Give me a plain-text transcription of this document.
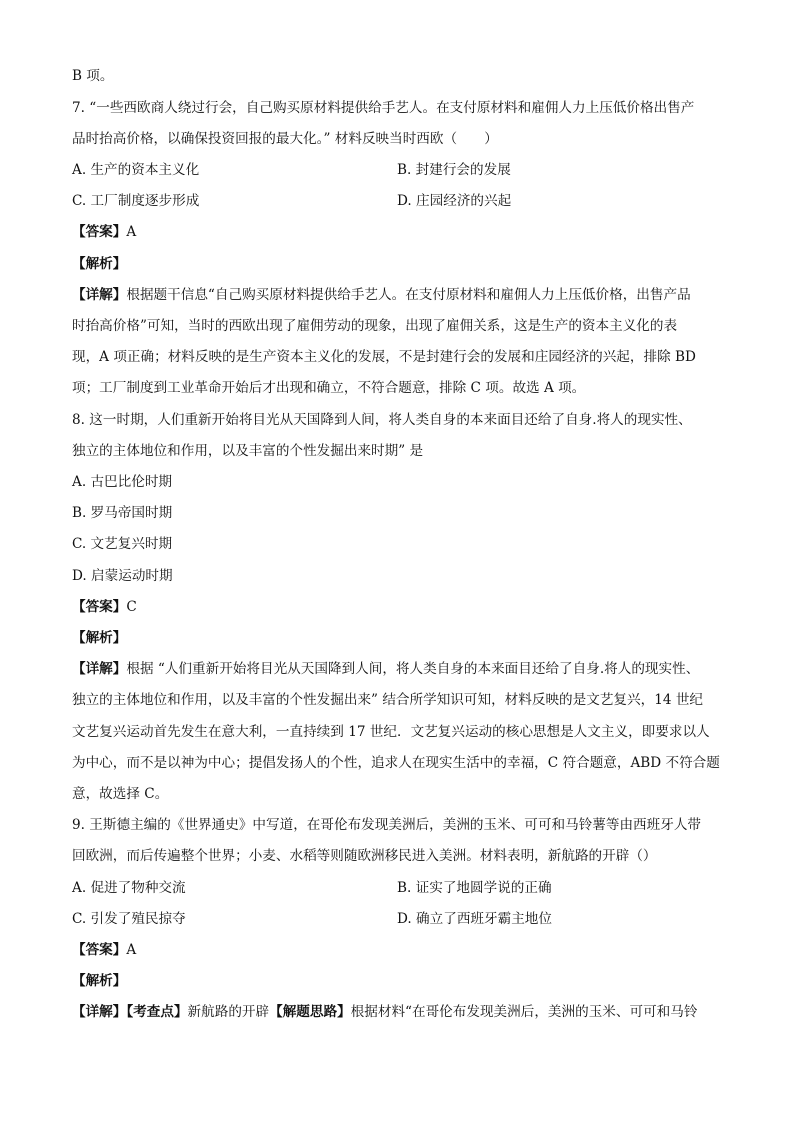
B 项。
7. “一些西欧商人绕过行会，自己购买原材料提供给手艺人。在支付原材料和雇佣人力上压低价格出售产
品时抬高价格，以确保投资回报的最大化。” 材料反映当时西欧（　　）
A. 生产的资本主义化	B. 封建行会的发展
C. 工厂制度逐步形成	D. 庄园经济的兴起
【答案】A
【解析】
【详解】根据题干信息“自己购买原材料提供给手艺人。在支付原材料和雇佣人力上压低价格，出售产品
时抬高价格”可知，当时的西欧出现了雇佣劳动的现象，出现了雇佣关系，这是生产的资本主义化的表
现，A 项正确；材料反映的是生产资本主义化的发展，不是封建行会的发展和庄园经济的兴起，排除 BD
项；工厂制度到工业革命开始后才出现和确立，不符合题意，排除 C 项。故选 A 项。
8. 这一时期，人们重新开始将目光从天国降到人间，将人类自身的本来面目还给了自身.将人的现实性、
独立的主体地位和作用，以及丰富的个性发掘出来时期” 是
A. 古巴比伦时期
B. 罗马帝国时期
C. 文艺复兴时期
D. 启蒙运动时期
【答案】C
【解析】
【详解】根据 “人们重新开始将目光从天国降到人间，将人类自身的本来面目还给了自身.将人的现实性、
独立的主体地位和作用，以及丰富的个性发掘出来” 结合所学知识可知，材料反映的是文艺复兴，14 世纪
文艺复兴运动首先发生在意大利，一直持续到 17 世纪．文艺复兴运动的核心思想是人文主义，即要求以人
为中心，而不是以神为中心；提倡发扬人的个性，追求人在现实生活中的幸福，C 符合题意，ABD 不符合题
意，故选择 C。
9. 王斯德主编的《世界通史》中写道，在哥伦布发现美洲后，美洲的玉米、可可和马铃薯等由西班牙人带
回欧洲，而后传遍整个世界；小麦、水稻等则随欧洲移民进入美洲。材料表明，新航路的开辟（）
A. 促进了物种交流	B. 证实了地圆学说的正确
C. 引发了殖民掠夺	D. 确立了西班牙霸主地位
【答案】A
【解析】
【详解】【考查点】新航路的开辟【解题思路】根据材料“在哥伦布发现美洲后，美洲的玉米、可可和马铃
